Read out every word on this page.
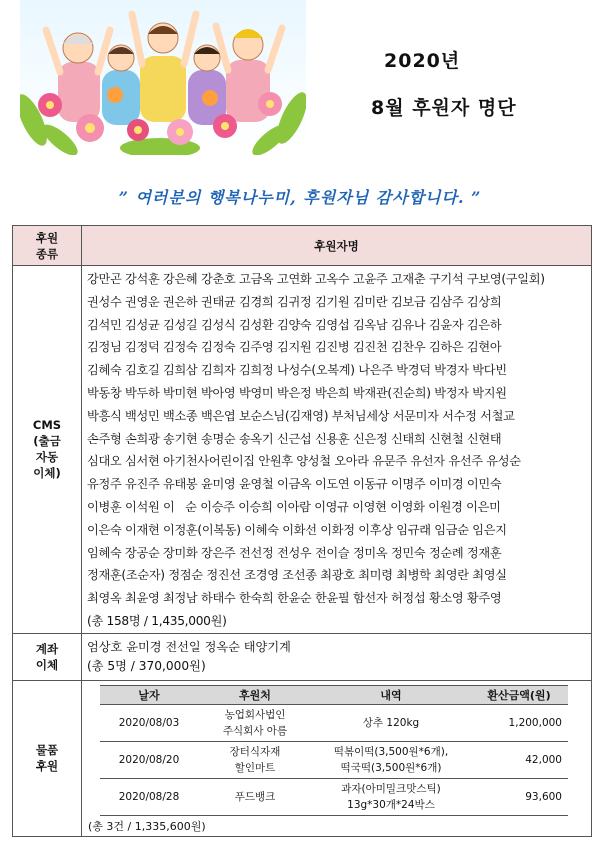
2020년
8월 후원자 명단
” 여러분의 행복나누미, 후원자님 감사합니다. ”
후원
종류	후원자명
CMS
(출금
자동
이체)	
강만곤 강석훈 강은혜 강춘호 고금옥 고연화 고옥수 고윤주 고재춘 구기석 구보영(구일회)
권성수 권영운 권은하 권태균 김경희 김귀정 김기원 김미란 김보금 김삼주 김상희
김석민 김성균 김성길 김성식 김성환 김양숙 김영섭 김옥남 김유나 김윤자 김은하
김정님 김정덕 김정숙 김정숙 김주영 김지원 김진병 김진천 김찬우 김하은 김현아
김혜숙 김호길 김희삼 김희자 김희정 나성수(오복계) 나은주 박경덕 박경자 박다빈
박동창 박두하 박미현 박아영 박영미 박은정 박은희 박재관(진순희) 박정자 박지원
박흥식 백성민 백소종 백은엽 보순스님(김재영) 부처님세상 서문미자 서수정 서철교
손주형 손희광 송기현 송명순 송옥기 신근섭 신용훈 신은정 신태희 신현철 신현태
심대오 심서현 아기천사어린이집 안원후 양성철 오아라 유문주 유선자 유선주 유성순
유정주 유진주 유태봉 윤미영 윤영철 이금옥 이도연 이동규 이명주 이미경 이민숙
이병훈 이석원 이   순 이승주 이승희 이아람 이영규 이영현 이영화 이원경 이은미
이은숙 이재현 이정훈(이복동) 이혜숙 이화선 이화정 이후상 임규래 임금순 임은지
임혜숙 장공순 장미화 장은주 전선정 전성우 전이슬 정미옥 정민숙 정순례 정재훈
정재훈(조순자) 정점순 정진선 조경영 조선종 최광호 최미령 최병학 최영란 최영실
최영옥 최윤영 최정남 하태수 한숙희 한윤순 한윤필 함선자 허정섭 황소영 황주영
(총 158명 / 1,435,000원)

계좌
이체	
엄상호 윤미경 전선일 정옥순 태양기계
(총 5명 / 370,000원)

물품
후원	
날자	후원처	내역	환산금액(원)
2020/08/03	농업회사법인
주식회사 아름	상추 120kg	1,200,000
2020/08/20	장터식자재
할인마트	떡볶이떡(3,500원*6개),
떡국떡(3,500원*6개)	42,000
2020/08/28	푸드뱅크	과자(아미밀크맛스틱)
13g*30개*24박스	93,600
(총 3건 / 1,335,600원)
